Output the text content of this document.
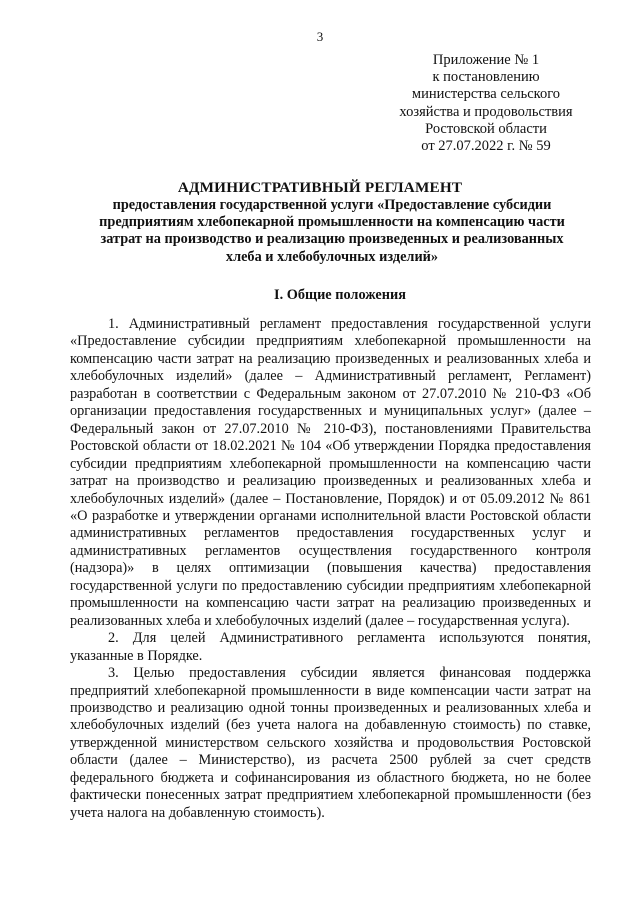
3
Приложение № 1
к постановлению
министерства сельского
хозяйства и продовольствия
Ростовской области
от 27.07.2022 г. № 59
АДМИНИСТРАТИВНЫЙ РЕГЛАМЕНТ
предоставления государственной услуги «Предоставление субсидии предприятиям хлебопекарной промышленности на компенсацию части затрат на производство и реализацию произведенных и реализованных хлеба и хлебобулочных изделий»
I. Общие положения

1. Административный регламент предоставления государственной услуги «Предоставление субсидии предприятиям хлебопекарной промышленности на компенсацию части затрат на реализацию произведенных и реализованных хлеба и хлебобулочных изделий» (далее – Административный регламент, Регламент) разработан в соответствии с Федеральным законом от 27.07.2010 № 210-ФЗ «Об организации предоставления государственных и муниципальных услуг» (далее – Федеральный закон от 27.07.2010 № 210-ФЗ), постановлениями Правительства Ростовской области от 18.02.2021 № 104 «Об утверждении Порядка предоставления субсидии предприятиям хлебопекарной промышленности на компенсацию части затрат на производство и реализацию произведенных и реализованных хлеба и хлебобулочных изделий» (далее – Постановление, Порядок) и от 05.09.2012 № 861 «О разработке и утверждении органами исполнительной власти Ростовской области административных регламентов предоставления государственных услуг и административных регламентов осуществления государственного контроля (надзора)» в целях оптимизации (повышения качества) предоставления государственной услуги по предоставлению субсидии предприятиям хлебопекарной промышленности на компенсацию части затрат на реализацию произведенных и реализованных хлеба и хлебобулочных изделий (далее – государственная услуга).

2. Для целей Административного регламента используются понятия, указанные в Порядке.

3. Целью предоставления субсидии является финансовая поддержка предприятий хлебопекарной промышленности в виде компенсации части затрат на производство и реализацию одной тонны произведенных и реализованных хлеба и хлебобулочных изделий (без учета налога на добавленную стоимость) по ставке, утвержденной министерством сельского хозяйства и продовольствия Ростовской области (далее – Министерство), из расчета 2500 рублей за счет средств федерального бюджета и софинансирования из областного бюджета, но не более фактически понесенных затрат предприятием хлебопекарной промышленности (без учета налога на добавленную стоимость).
